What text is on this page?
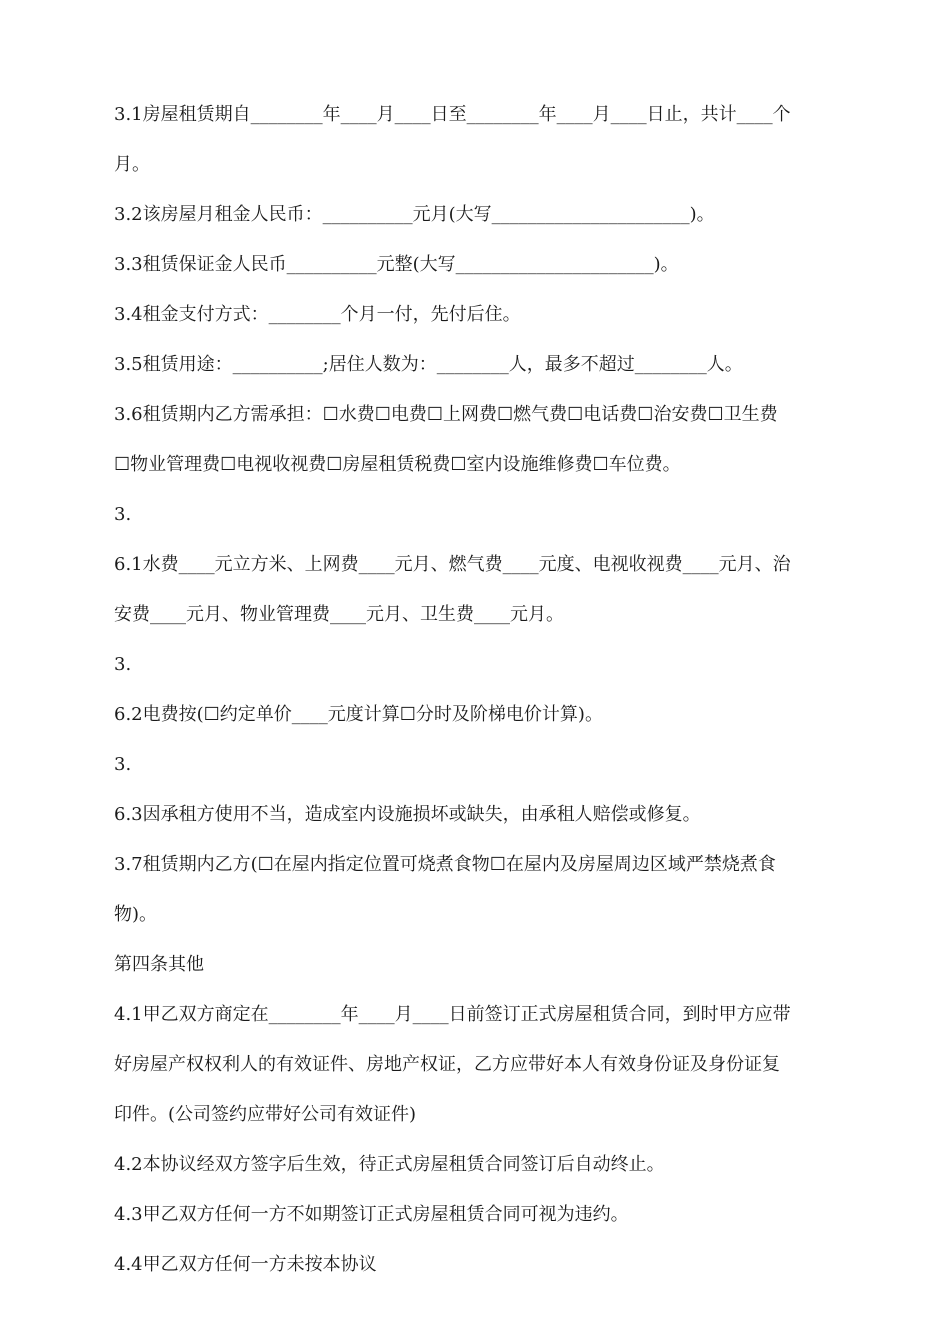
3.1房屋租赁期自________年____月____日至________年____月____日止，共计____个
月。
3.2该房屋月租金人民币：__________元月(大写______________________)。
3.3租赁保证金人民币__________元整(大写______________________)。
3.4租金支付方式：________个月一付，先付后住。
3.5租赁用途：__________;居住人数为：________人，最多不超过________人。
3.6租赁期内乙方需承担：☐水费☐电费☐上网费☐燃气费☐电话费☐治安费☐卫生费
☐物业管理费☐电视收视费☐房屋租赁税费☐室内设施维修费☐车位费。
3.
6.1水费____元立方米、上网费____元月、燃气费____元度、电视收视费____元月、治
安费____元月、物业管理费____元月、卫生费____元月。
3.
6.2电费按(☐约定单价____元度计算☐分时及阶梯电价计算)。
3.
6.3因承租方使用不当，造成室内设施损坏或缺失，由承租人赔偿或修复。
3.7租赁期内乙方(☐在屋内指定位置可烧煮食物☐在屋内及房屋周边区域严禁烧煮食
物)。
第四条其他
4.1甲乙双方商定在________年____月____日前签订正式房屋租赁合同，到时甲方应带
好房屋产权权利人的有效证件、房地产权证，乙方应带好本人有效身份证及身份证复
印件。(公司签约应带好公司有效证件)
4.2本协议经双方签字后生效，待正式房屋租赁合同签订后自动终止。
4.3甲乙双方任何一方不如期签订正式房屋租赁合同可视为违约。
4.4甲乙双方任何一方未按本协议
